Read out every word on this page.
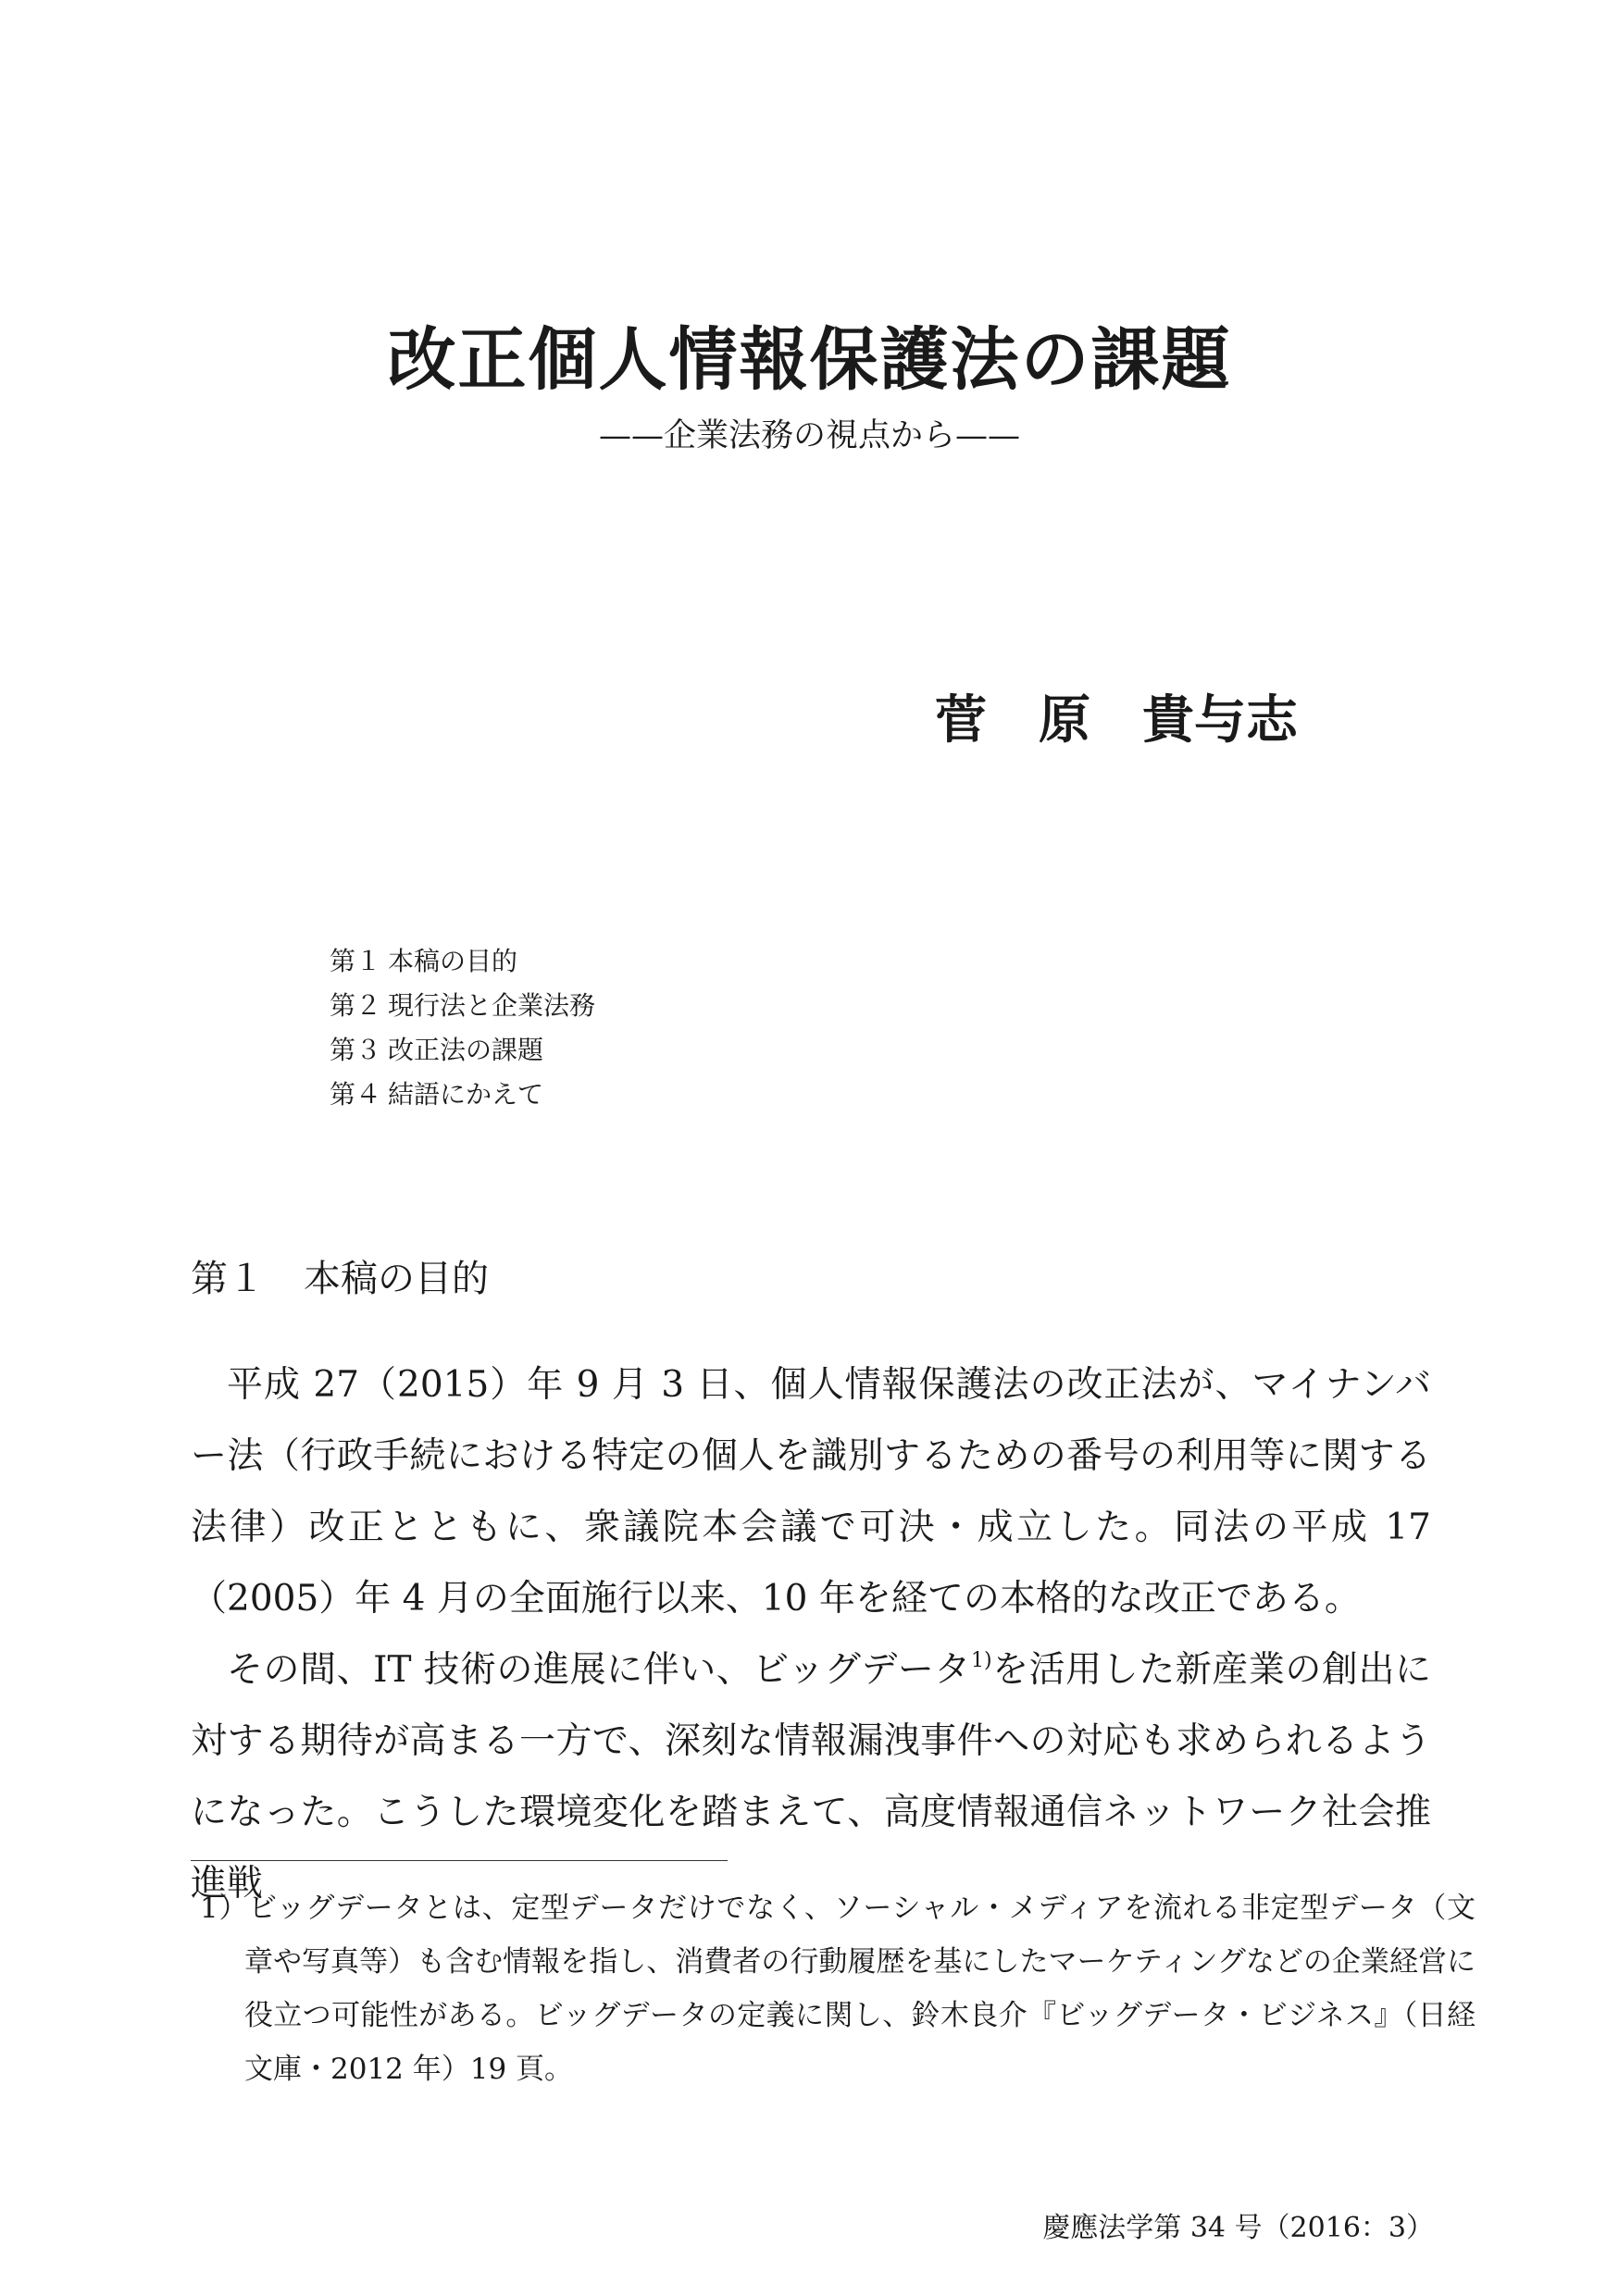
改正個人情報保護法の課題
——企業法務の視点から——
菅　原　貴与志
第１ 本稿の目的
第２ 現行法と企業法務
第３ 改正法の課題
第４ 結語にかえて
第１	本稿の目的

平成 27（2015）年 9 月 3 日、個人情報保護法の改正法が、マイナンバー法（行政手続における特定の個人を識別するための番号の利用等に関する法律）改正とともに、衆議院本会議で可決・成立した。同法の平成 17（2005）年 4 月の全面施行以来、10 年を経ての本格的な改正である。

その間、IT 技術の進展に伴い、ビッグデータ$^{1)}$を活用した新産業の創出に対する期待が高まる一方で、深刻な情報漏洩事件への対応も求められるようになった。こうした環境変化を踏まえて、高度情報通信ネットワーク社会推進戦

1）ビッグデータとは、定型データだけでなく、ソーシャル・メディアを流れる非定型データ（文章や写真等）も含む情報を指し、消費者の行動履歴を基にしたマーケティングなどの企業経営に役立つ可能性がある。ビッグデータの定義に関し、鈴木良介『ビッグデータ・ビジネス』（日経文庫・2012 年）19 頁。
慶應法学第 34 号（2016：3）
